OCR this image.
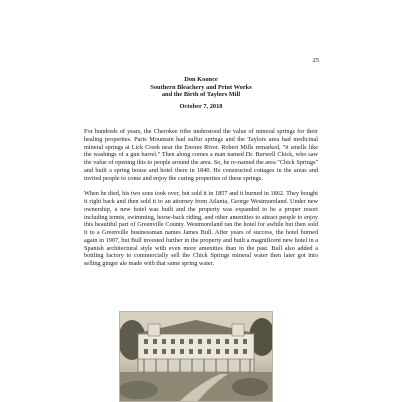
25
Don Koonce
Southern Bleachery and Print Works
and the Birth of Taylors Mill
October 7, 2018

For hundreds of years, the Cherokee tribe understood the value of mineral springs for their healing properties. Paris Mountain had sulfur springs and the Taylors area had medicinal mineral springs at Lick Creek near the Enoree River. Robert Mills remarked, "it smells like the washings of a gun barrel." Then along comes a man named Dr. Burwell Chick, who saw the value of opening this to people around the area. So, he re-named the area "Chick Springs" and built a spring house and hotel there in 1840. He constructed cottages in the areas and invited people to come and enjoy the curing properties of these springs.

When he died, his two sons took over, but sold it in 1857 and it burned in 1862. They bought it right back and then sold it to an attorney from Atlanta, George Westmoreland. Under new ownership, a new hotel was built and the property was expanded to be a proper resort including tennis, swimming, horse-back riding, and other amenities to attract people to enjoy this beautiful part of Greenville County. Westmoreland ran the hotel for awhile but then sold it to a Greenville businessman names James Bull. After years of success, the hotel burned again in 1907, but Bull invested further in the property and built a magnificent new hotel in a Spanish architectural style with even more amenities than in the past. Bull also added a bottling factory to commercially sell the Chick Springs mineral water then later got into selling ginger ale made with that same spring water.
